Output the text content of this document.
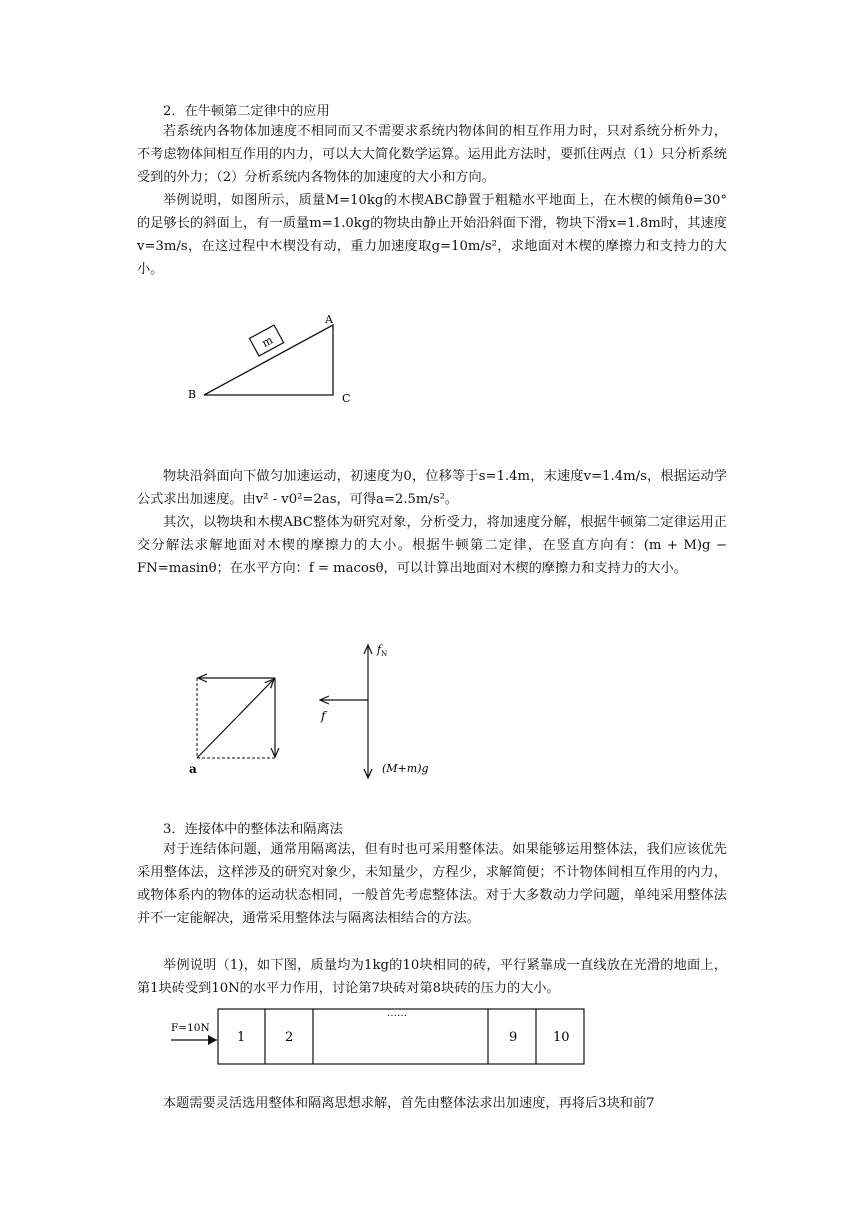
2．在牛顿第二定律中的应用

若系统内各物体加速度不相同而又不需要求系统内物体间的相互作用力时，只对系统分析外力，不考虑物体间相互作用的内力，可以大大简化数学运算。运用此方法时，要抓住两点（1）只分析系统受到的外力；（2）分析系统内各物体的加速度的大小和方向。

举例说明，如图所示，质量M=10kg的木楔ABC静置于粗糙水平地面上，在木楔的倾角θ=30°的足够长的斜面上，有一质量m=1.0kg的物块由静止开始沿斜面下滑，物块下滑x=1.8m时，其速度v=3m/s，在这过程中木楔没有动，重力加速度取g=10m/s²，求地面对木楔的摩擦力和支持力的大小。

m
A
B	C

物块沿斜面向下做匀加速运动，初速度为0，位移等于s=1.4m，末速度v=1.4m/s，根据运动学公式求出加速度。由v² - v0²=2as，可得a=2.5m/s²。

其次，以物块和木楔ABC整体为研究对象，分析受力，将加速度分解，根据牛顿第二定律运用正交分解法求解地面对木楔的摩擦力的大小。根据牛顿第二定律，在竖直方向有：(m + M)g − FN=masinθ；在水平方向：f = macosθ，可以计算出地面对木楔的摩擦力和支持力的大小。

a
$f_N$
f
(M+m)g

3．连接体中的整体法和隔离法

对于连结体问题，通常用隔离法，但有时也可采用整体法。如果能够运用整体法，我们应该优先采用整体法，这样涉及的研究对象少，未知量少，方程少，求解简便；不计物体间相互作用的内力，或物体系内的物体的运动状态相同，一般首先考虑整体法。对于大多数动力学问题，单纯采用整体法并不一定能解决，通常采用整体法与隔离法相结合的方法。

举例说明（1)，如下图，质量均为1kg的10块相同的砖，平行紧靠成一直线放在光滑的地面上，第1块砖受到10N的水平力作用，讨论第7块砖对第8块砖的压力的大小。

1	2
……
9	10
F=10N

本题需要灵活选用整体和隔离思想求解，首先由整体法求出加速度，再将后3块和前7
